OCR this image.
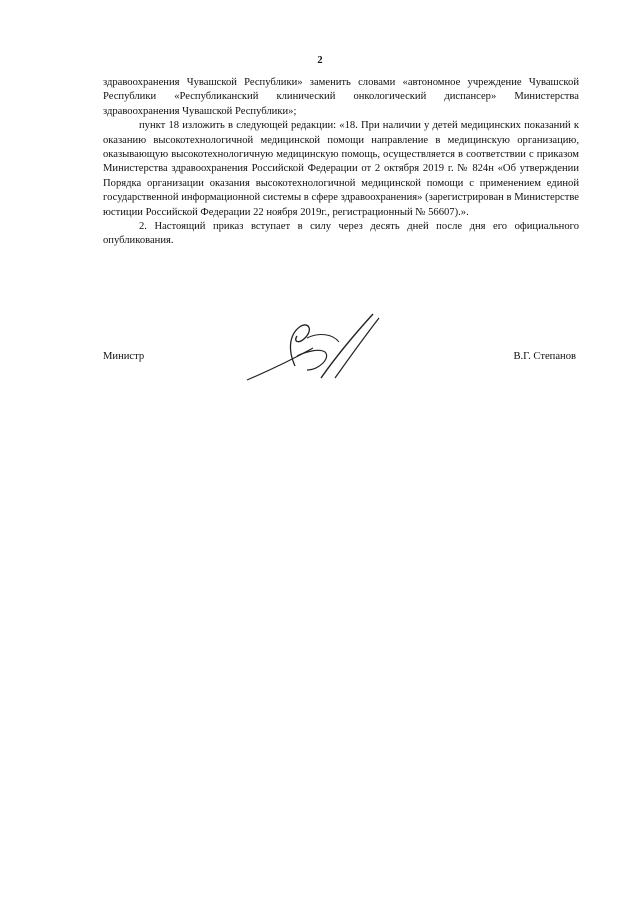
2

здравоохранения Чувашской Республики» заменить словами «автономное учреждение Чувашской Республики «Республиканский клинический онкологический диспансер» Министерства здравоохранения Чувашской Республики»;

пункт 18 изложить в следующей редакции: «18. При наличии у детей медицинских показаний к оказанию высокотехнологичной медицинской помощи направление в медицинскую организацию, оказывающую высокотехнологичную медицинскую помощь, осуществляется в соответствии с приказом Министерства здравоохранения Российской Федерации от 2 октября 2019 г. № 824н «Об утверждении Порядка организации оказания высокотехнологичной медицинской помощи с применением единой государственной информационной системы в сфере здравоохранения» (зарегистрирован в Министерстве юстиции Российской Федерации 22 ноября 2019г., регистрационный № 56607).».

2. Настоящий приказ вступает в силу через десять дней после дня его официального опубликования.

Министр	В.Г. Степанов
